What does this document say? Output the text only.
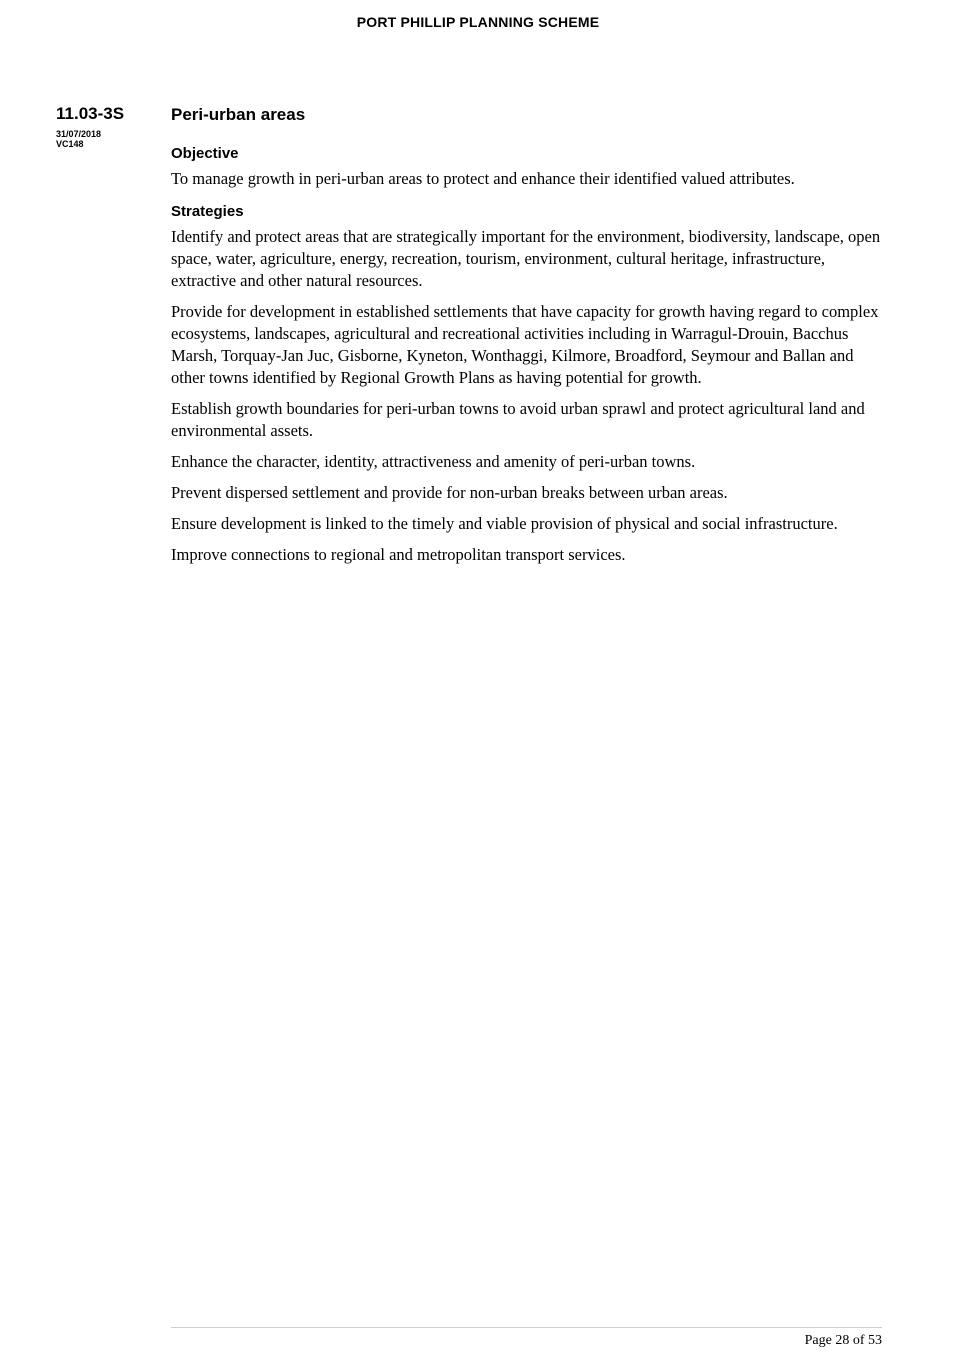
PORT PHILLIP PLANNING SCHEME
11.03-3S
31/07/2018
VC148
Peri-urban areas
Objective

To manage growth in peri-urban areas to protect and enhance their identified valued attributes.

Strategies

Identify and protect areas that are strategically important for the environment, biodiversity, landscape, open space, water, agriculture, energy, recreation, tourism, environment, cultural heritage, infrastructure, extractive and other natural resources.

Provide for development in established settlements that have capacity for growth having regard to complex ecosystems, landscapes, agricultural and recreational activities including in Warragul-Drouin, Bacchus Marsh, Torquay-Jan Juc, Gisborne, Kyneton, Wonthaggi, Kilmore, Broadford, Seymour and Ballan and other towns identified by Regional Growth Plans as having potential for growth.

Establish growth boundaries for peri-urban towns to avoid urban sprawl and protect agricultural land and environmental assets.

Enhance the character, identity, attractiveness and amenity of peri-urban towns.

Prevent dispersed settlement and provide for non-urban breaks between urban areas.

Ensure development is linked to the timely and viable provision of physical and social infrastructure.

Improve connections to regional and metropolitan transport services.

Page 28 of 53
